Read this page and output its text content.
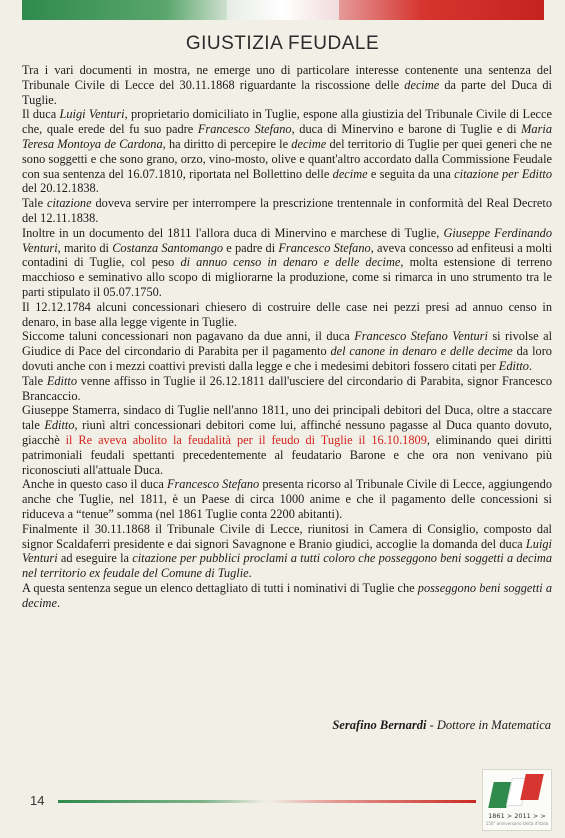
GIUSTIZIA FEUDALE

Tra i vari documenti in mostra, ne emerge uno di particolare interesse contenente una sentenza del Tribunale Civile di Lecce del 30.11.1868 riguardante la riscossione delle decime da parte del Duca di Tuglie.

Il duca Luigi Venturi, proprietario domiciliato in Tuglie, espone alla giustizia del Tribunale Civile di Lecce che, quale erede del fu suo padre Francesco Stefano, duca di Minervino e barone di Tuglie e di Maria Teresa Montoya de Cardona, ha diritto di percepire le decime del territorio di Tuglie per quei generi che ne sono soggetti e che sono grano, orzo, vino-mosto, olive e quant'altro accordato dalla Commissione Feudale con sua sentenza del 16.07.1810, riportata nel Bollettino delle decime e seguita da una citazione per Editto del 20.12.1838.

Tale citazione doveva servire per interrompere la prescrizione trentennale in conformità del Real Decreto del 12.11.1838.

Inoltre in un documento del 1811 l'allora duca di Minervino e marchese di Tuglie, Giuseppe Ferdinando Venturi, marito di Costanza Santomango e padre di Francesco Stefano, aveva concesso ad enfiteusi a molti contadini di Tuglie, col peso di annuo censo in denaro e delle decime, molta estensione di terreno macchioso e seminativo allo scopo di migliorarne la produzione, come si rimarca in uno strumento tra le parti stipulato il 05.07.1750.

Il 12.12.1784 alcuni concessionari chiesero di costruire delle case nei pezzi presi ad annuo censo in denaro, in base alla legge vigente in Tuglie.

Siccome taluni concessionari non pagavano da due anni, il duca Francesco Stefano Venturi si rivolse al Giudice di Pace del circondario di Parabita per il pagamento del canone in denaro e delle decime da loro dovuti anche con i mezzi coattivi previsti dalla legge e che i medesimi debitori fossero citati per Editto.

Tale Editto venne affisso in Tuglie il 26.12.1811 dall'usciere del circondario di Parabita, signor Francesco Brancaccio.

Giuseppe Stamerra, sindaco di Tuglie nell'anno 1811, uno dei principali debitori del Duca, oltre a staccare tale Editto, riunì altri concessionari debitori come lui, affinché nessuno pagasse al Duca quanto dovuto, giacchè il Re aveva abolito la feudalità per il feudo di Tuglie il 16.10.1809, eliminando quei diritti patrimoniali feudali spettanti precedentemente al feudatario Barone e che ora non venivano più riconosciuti all'attuale Duca.

Anche in questo caso il duca Francesco Stefano presenta ricorso al Tribunale Civile di Lecce, aggiungendo anche che Tuglie, nel 1811, è un Paese di circa 1000 anime e che il pagamento delle concessioni si riduceva a “tenue” somma (nel 1861 Tuglie conta 2200 abitanti).

Finalmente il 30.11.1868 il Tribunale Civile di Lecce, riunitosi in Camera di Consiglio, composto dal signor Scaldaferri presidente e dai signori Savagnone e Branio giudici, accoglie la domanda del duca Luigi Venturi ad eseguire la citazione per pubblici proclami a tutti coloro che posseggono beni soggetti a decima nel territorio ex feudale del Comune di Tuglie.

A questa sentenza segue un elenco dettagliato di tutti i nominativi di Tuglie che posseggono beni soggetti a decime.

Serafino Bernardi - Dottore in Matematica
14
1861 > 2011 > >
150° anniversario Unità d'Italia
